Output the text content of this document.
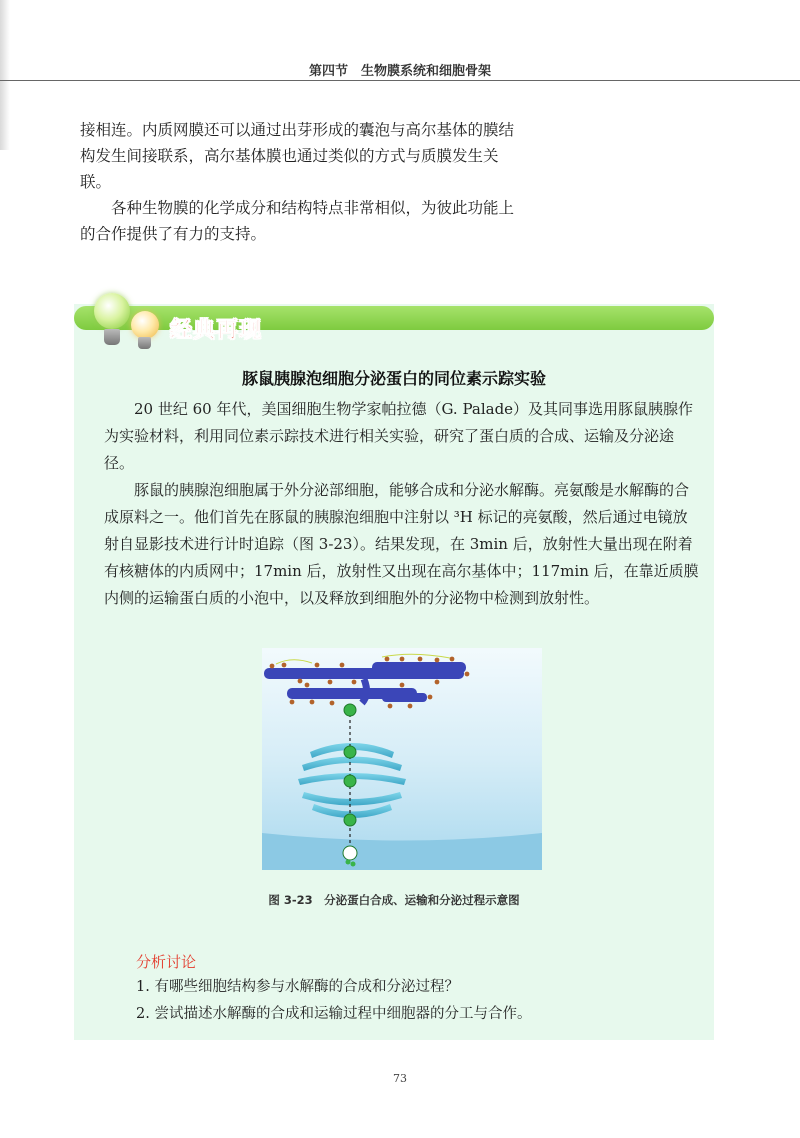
第四节　生物膜系统和细胞骨架

接相连。内质网膜还可以通过出芽形成的囊泡与高尔基体的膜结构发生间接联系，高尔基体膜也通过类似的方式与质膜发生关联。

各种生物膜的化学成分和结构特点非常相似，为彼此功能上的合作提供了有力的支持。

经典再现
豚鼠胰腺泡细胞分泌蛋白的同位素示踪实验

20 世纪 60 年代，美国细胞生物学家帕拉德（G. Palade）及其同事选用豚鼠胰腺作为实验材料，利用同位素示踪技术进行相关实验，研究了蛋白质的合成、运输及分泌途径。

豚鼠的胰腺泡细胞属于外分泌部细胞，能够合成和分泌水解酶。亮氨酸是水解酶的合成原料之一。他们首先在豚鼠的胰腺泡细胞中注射以 ³H 标记的亮氨酸，然后通过电镜放射自显影技术进行计时追踪（图 3-23）。结果发现，在 3min 后，放射性大量出现在附着有核糖体的内质网中；17min 后，放射性又出现在高尔基体中；117min 后，在靠近质膜内侧的运输蛋白质的小泡中，以及释放到细胞外的分泌物中检测到放射性。

图 3-23　分泌蛋白合成、运输和分泌过程示意图
分析讨论
1. 有哪些细胞结构参与水解酶的合成和分泌过程？
2. 尝试描述水解酶的合成和运输过程中细胞器的分工与合作。
73
